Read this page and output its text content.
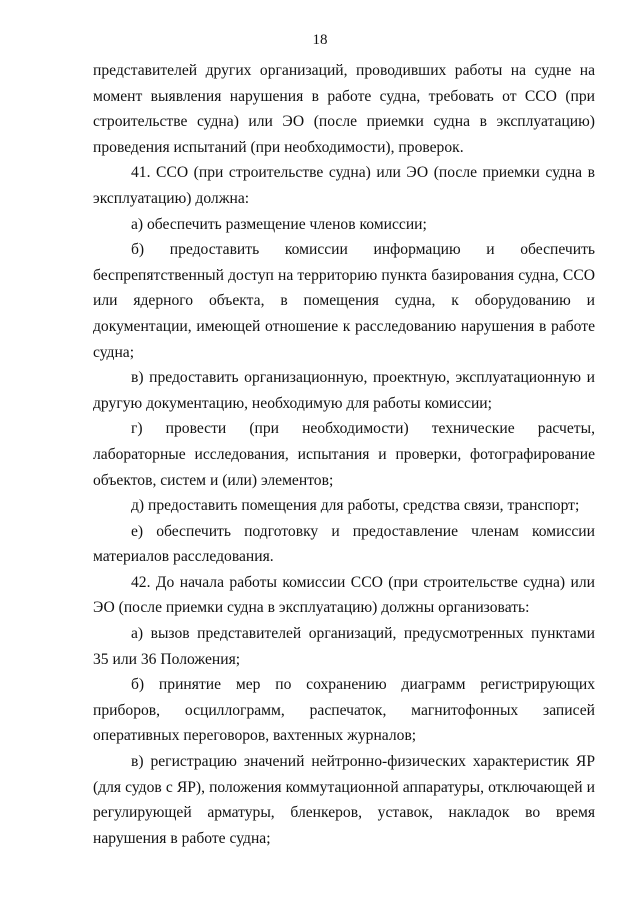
18

представителей других организаций, проводивших работы на судне на момент выявления нарушения в работе судна, требовать от ССО (при строительстве судна) или ЭО (после приемки судна в эксплуатацию) проведения испытаний (при необходимости), проверок.

41. ССО (при строительстве судна) или ЭО (после приемки судна в эксплуатацию) должна:

а) обеспечить размещение членов комиссии;

б) предоставить комиссии информацию и обеспечить беспрепятственный доступ на территорию пункта базирования судна, ССО или ядерного объекта, в помещения судна, к оборудованию и документации, имеющей отношение к расследованию нарушения в работе судна;

в) предоставить организационную, проектную, эксплуатационную и другую документацию, необходимую для работы комиссии;

г) провести (при необходимости) технические расчеты, лабораторные исследования, испытания и проверки, фотографирование объектов, систем и (или) элементов;

д) предоставить помещения для работы, средства связи, транспорт;

е) обеспечить подготовку и предоставление членам комиссии материалов расследования.

42. До начала работы комиссии ССО (при строительстве судна) или ЭО (после приемки судна в эксплуатацию) должны организовать:

а) вызов представителей организаций, предусмотренных пунктами 35 или 36 Положения;

б) принятие мер по сохранению диаграмм регистрирующих приборов, осциллограмм, распечаток, магнитофонных записей оперативных переговоров, вахтенных журналов;

в) регистрацию значений нейтронно-физических характеристик ЯР (для судов с ЯР), положения коммутационной аппаратуры, отключающей и регулирующей арматуры, бленкеров, уставок, накладок во время нарушения в работе судна;
